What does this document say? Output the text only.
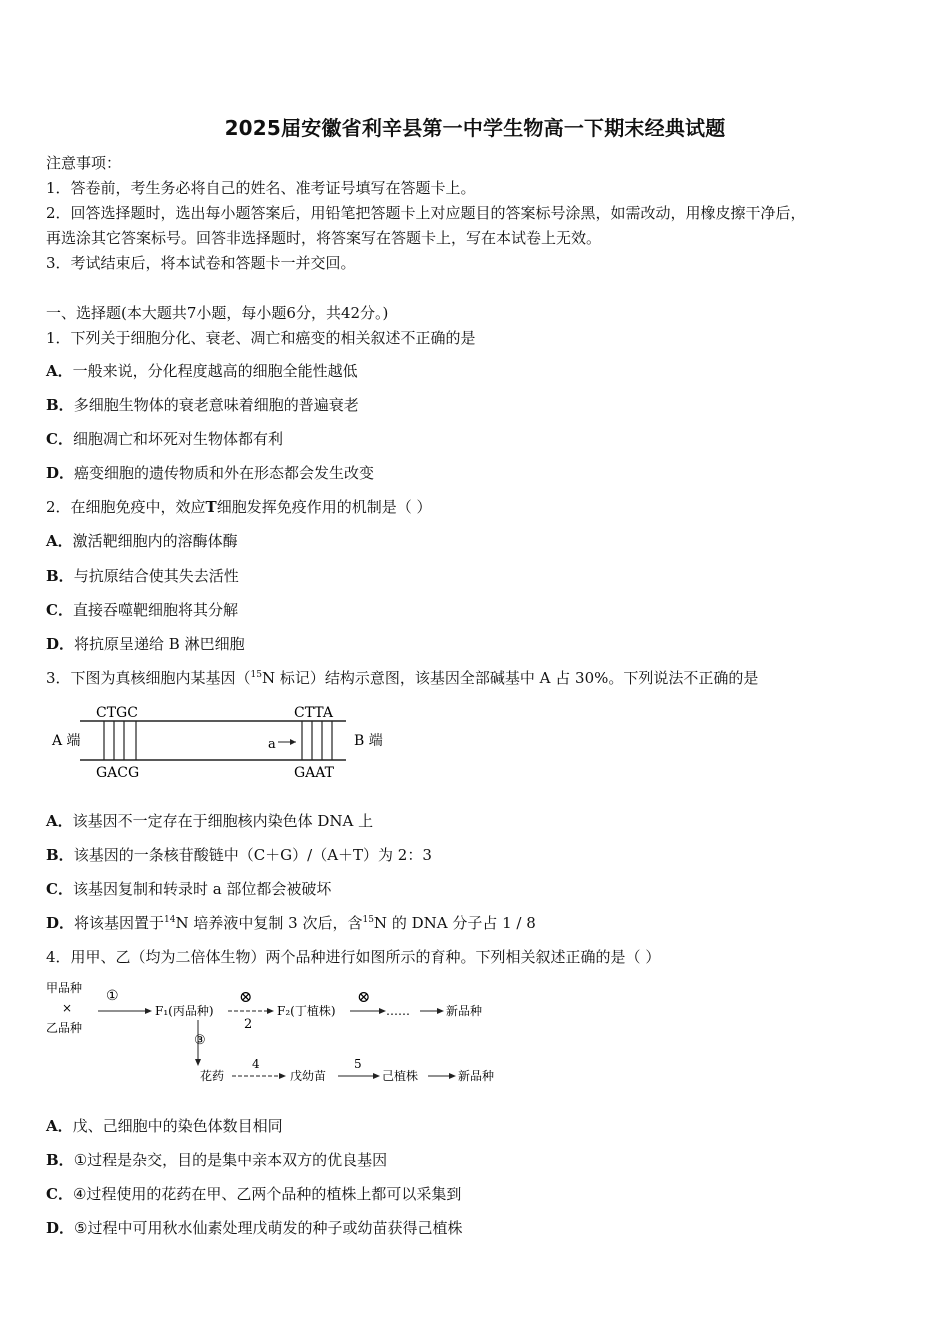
2025届安徽省利辛县第一中学生物高一下期末经典试题
注意事项：
1．答卷前，考生务必将自己的姓名、准考证号填写在答题卡上。
2．回答选择题时，选出每小题答案后，用铅笔把答题卡上对应题目的答案标号涂黑，如需改动，用橡皮擦干净后，
再选涂其它答案标号。回答非选择题时，将答案写在答题卡上，写在本试卷上无效。
3．考试结束后，将本试卷和答题卡一并交回。
一、选择题(本大题共7小题，每小题6分，共42分。)
1．下列关于细胞分化、衰老、凋亡和癌变的相关叙述不正确的是
A．一般来说，分化程度越高的细胞全能性越低
B．多细胞生物体的衰老意味着细胞的普遍衰老
C．细胞凋亡和坏死对生物体都有利
D．癌变细胞的遗传物质和外在形态都会发生改变
2．在细胞免疫中，效应T细胞发挥免疫作用的机制是（ ）
A．激活靶细胞内的溶酶体酶
B．与抗原结合使其失去活性
C．直接吞噬靶细胞将其分解
D．将抗原呈递给 B 淋巴细胞
3．下图为真核细胞内某基因（$^{15}$N 标记）结构示意图，该基因全部碱基中 A 占 30%。下列说法不正确的是
CTGC	CTTA
A 端	B 端
a
GACG	GAAT
A．该基因不一定存在于细胞核内染色体 DNA 上
B．该基因的一条核苷酸链中（C＋G）/（A＋T）为 2：3
C．该基因复制和转录时 a 部位都会被破坏
D．将该基因置于$^{14}$N 培养液中复制 3 次后，含$^{15}$N 的 DNA 分子占 1 / 8
4．用甲、乙（均为二倍体生物）两个品种进行如图所示的育种。下列相关叙述正确的是（ ）
甲品种
×
乙品种
①
F₁(丙品种)
⊗
2
F₂(丁植株)
⊗
……	新品种
③
花药
4
戊幼苗
5
己植株	新品种
A．戊、己细胞中的染色体数目相同
B．①过程是杂交，目的是集中亲本双方的优良基因
C．④过程使用的花药在甲、乙两个品种的植株上都可以采集到
D．⑤过程中可用秋水仙素处理戊萌发的种子或幼苗获得己植株
